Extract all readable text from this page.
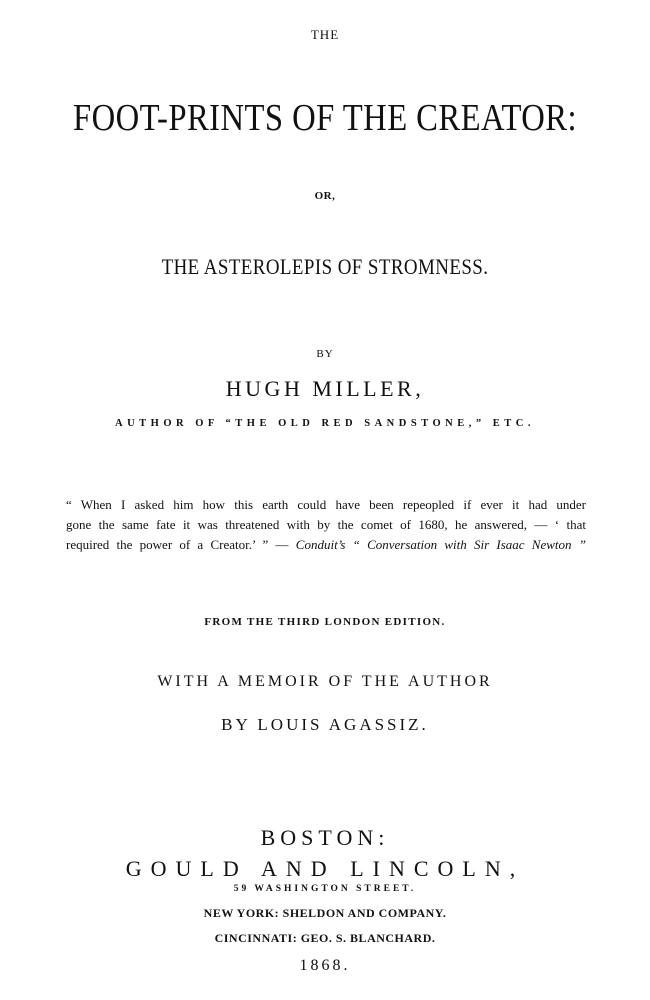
THE
FOOT-PRINTS OF THE CREATOR:
OR,
THE ASTEROLEPIS OF STROMNESS.
BY
HUGH MILLER,
AUTHOR OF “THE OLD RED SANDSTONE,” ETC.
“ When I asked him how this earth could have been repeopled if ever it had under
gone the same fate it was threatened with by the comet of 1680, he answered, — ‘ that
required the power of a Creator.’ ” — Conduit’s “ Conversation with Sir Isaac Newton ”
FROM THE THIRD LONDON EDITION.
WITH A MEMOIR OF THE AUTHOR
BY LOUIS AGASSIZ.
BOSTON:
GOULD AND LINCOLN,
59 WASHINGTON STREET.
NEW YORK: SHELDON AND COMPANY.
CINCINNATI: GEO. S. BLANCHARD.
1868.
